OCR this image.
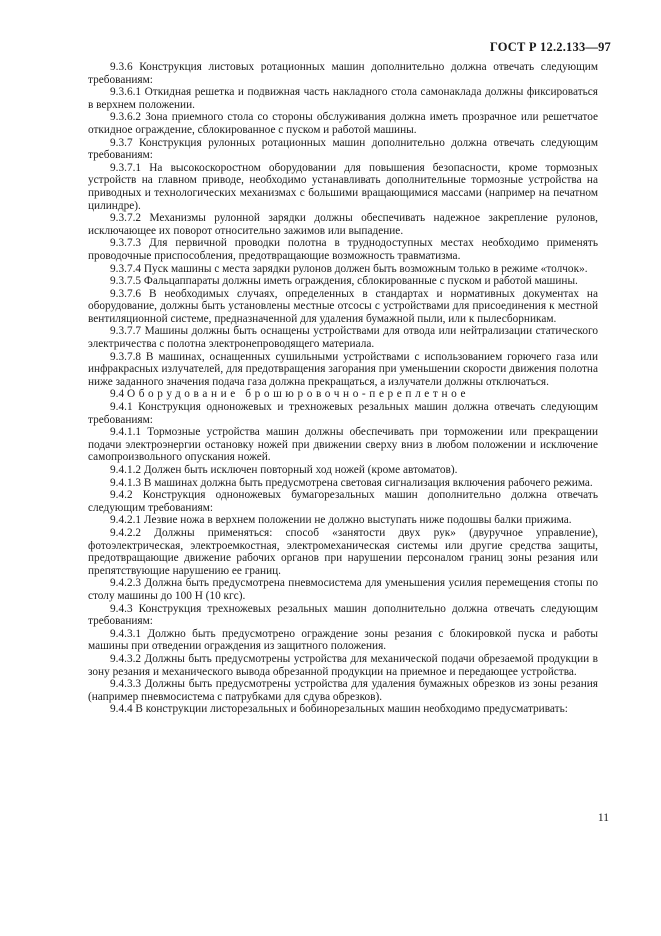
ГОСТ Р 12.2.133—97

9.3.6 Конструкция листовых ротационных машин дополнительно должна отвечать следующим требованиям:

9.3.6.1 Откидная решетка и подвижная часть накладного стола самонаклада должны фиксироваться в верхнем положении.

9.3.6.2 Зона приемного стола со стороны обслуживания должна иметь прозрачное или решетчатое откидное ограждение, сблокированное с пуском и работой машины.

9.3.7 Конструкция рулонных ротационных машин дополнительно должна отвечать следующим требованиям:

9.3.7.1 На высокоскоростном оборудовании для повышения безопасности, кроме тормозных устройств на главном приводе, необходимо устанавливать дополнительные тормозные устройства на приводных и технологических механизмах с большими вращающимися массами (например на печатном цилиндре).

9.3.7.2 Механизмы рулонной зарядки должны обеспечивать надежное закрепление рулонов, исключающее их поворот относительно зажимов или выпадение.

9.3.7.3 Для первичной проводки полотна в труднодоступных местах необходимо применять проводочные приспособления, предотвращающие возможность травматизма.

9.3.7.4 Пуск машины с места зарядки рулонов должен быть возможным только в режиме «толчок».

9.3.7.5 Фальцаппараты должны иметь ограждения, сблокированные с пуском и работой машины.

9.3.7.6 В необходимых случаях, определенных в стандартах и нормативных документах на оборудование, должны быть установлены местные отсосы с устройствами для присоединения к местной вентиляционной системе, предназначенной для удаления бумажной пыли, или к пылесборникам.

9.3.7.7 Машины должны быть оснащены устройствами для отвода или нейтрализации статического электричества с полотна электронепроводящего материала.

9.3.7.8 В машинах, оснащенных сушильными устройствами с использованием горючего газа или инфракрасных излучателей, для предотвращения загорания при уменьшении скорости движения полотна ниже заданного значения подача газа должна прекращаться, а излучатели должны отключаться.

9.4 Оборудование брошюровочно-переплетное

9.4.1 Конструкция одноножевых и трехножевых резальных машин должна отвечать следующим требованиям:

9.4.1.1 Тормозные устройства машин должны обеспечивать при торможении или прекращении подачи электроэнергии остановку ножей при движении сверху вниз в любом положении и исключение самопроизвольного опускания ножей.

9.4.1.2 Должен быть исключен повторный ход ножей (кроме автоматов).

9.4.1.3 В машинах должна быть предусмотрена световая сигнализация включения рабочего режима.

9.4.2 Конструкция одноножевых бумагорезальных машин дополнительно должна отвечать следующим требованиям:

9.4.2.1 Лезвие ножа в верхнем положении не должно выступать ниже подошвы балки прижима.

9.4.2.2 Должны применяться: способ «занятости двух рук» (двуручное управление), фотоэлектрическая, электроемкостная, электромеханическая системы или другие средства защиты, предотвращающие движение рабочих органов при нарушении персоналом границ зоны резания или препятствующие нарушению ее границ.

9.4.2.3 Должна быть предусмотрена пневмосистема для уменьшения усилия перемещения стопы по столу машины до 100 Н (10 кгс).

9.4.3 Конструкция трехножевых резальных машин дополнительно должна отвечать следующим требованиям:

9.4.3.1 Должно быть предусмотрено ограждение зоны резания с блокировкой пуска и работы машины при отведении ограждения из защитного положения.

9.4.3.2 Должны быть предусмотрены устройства для механической подачи обрезаемой продукции в зону резания и механического вывода обрезанной продукции на приемное и передающее устройства.

9.4.3.3 Должны быть предусмотрены устройства для удаления бумажных обрезков из зоны резания (например пневмосистема с патрубками для сдува обрезков).

9.4.4 В конструкции листорезальных и бобинорезальных машин необходимо предусматривать:

11
